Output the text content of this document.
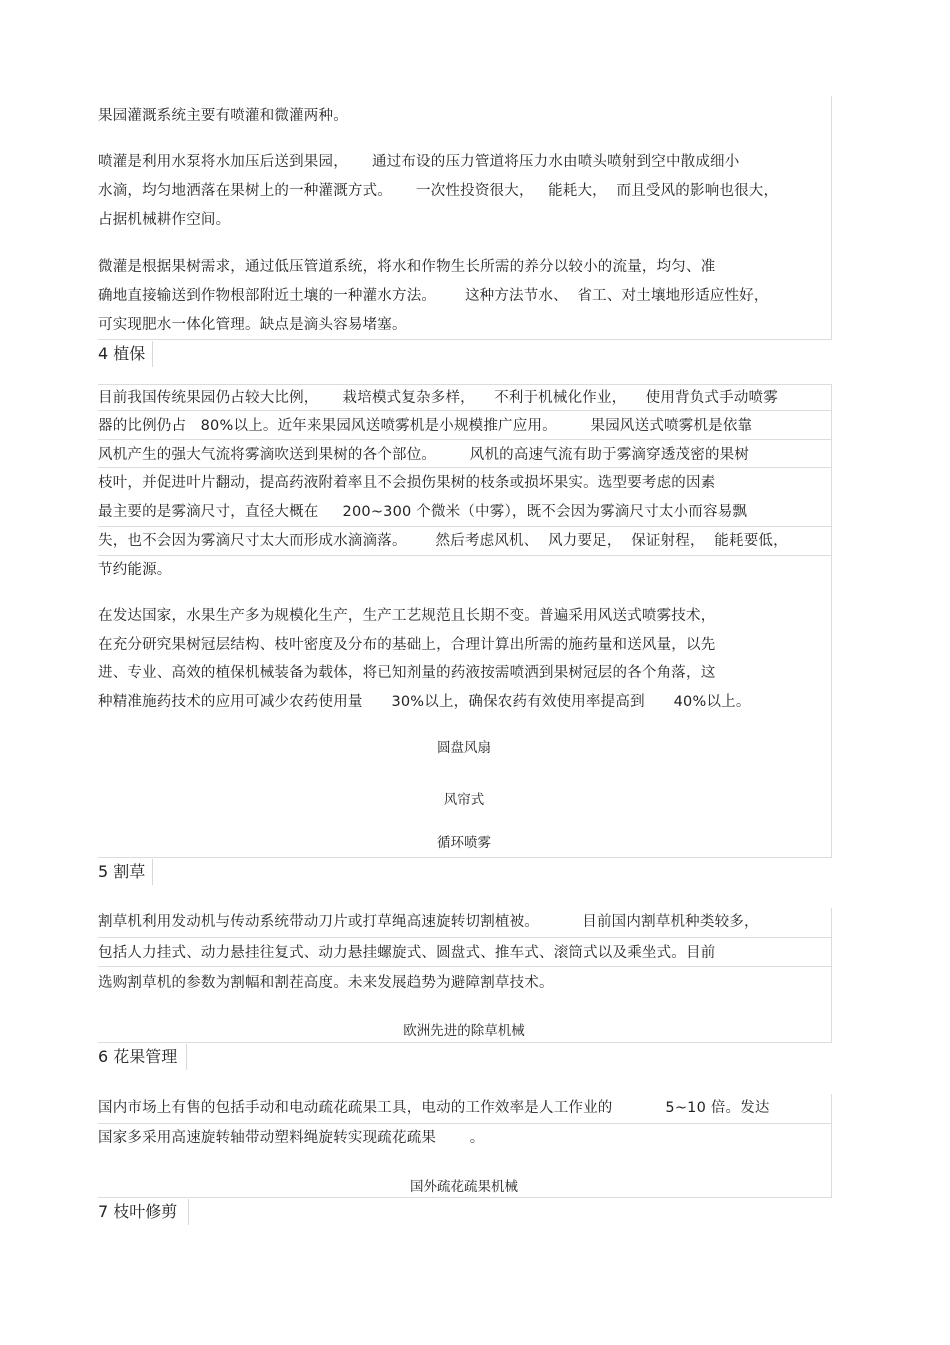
果园灌溉系统主要有喷灌和微灌两种。
喷灌是利用水泵将水加压后送到果园，     通过布设的压力管道将压力水由喷头喷射到空中散成细小
水滴，均匀地洒落在果树上的一种灌溉方式。     一次性投资很大，   能耗大，  而且受风的影响也很大，
占据机械耕作空间。
微灌是根据果树需求，通过低压管道系统，将水和作物生长所需的养分以较小的流量，均匀、准
确地直接输送到作物根部附近土壤的一种灌水方法。      这种方法节水、  省工、对土壤地形适应性好，
可实现肥水一体化管理。缺点是滴头容易堵塞。
4 植保
目前我国传统果园仍占较大比例，     栽培模式复杂多样，    不利于机械化作业，    使用背负式手动喷雾
器的比例仍占   80%以上。近年来果园风送喷雾机是小规模推广应用。       果园风送式喷雾机是依靠
风机产生的强大气流将雾滴吹送到果树的各个部位。       风机的高速气流有助于雾滴穿透茂密的果树
枝叶，并促进叶片翻动，提高药液附着率且不会损伤果树的枝条或损坏果实。选型要考虑的因素
最主要的是雾滴尺寸，直径大概在     200~300 个微米（中雾），既不会因为雾滴尺寸太小而容易飘
失，也不会因为雾滴尺寸太大而形成水滴滴落。      然后考虑风机、  风力要足，  保证射程，  能耗要低，
节约能源。
在发达国家，水果生产多为规模化生产，生产工艺规范且长期不变。普遍采用风送式喷雾技术，
在充分研究果树冠层结构、枝叶密度及分布的基础上，合理计算出所需的施药量和送风量，以先
进、专业、高效的植保机械装备为载体，将已知剂量的药液按需喷洒到果树冠层的各个角落，这
种精准施药技术的应用可减少农药使用量      30%以上，确保农药有效使用率提高到      40%以上。
圆盘风扇
风帘式
循环喷雾
5 割草
割草机利用发动机与传动系统带动刀片或打草绳高速旋转切割植被。         目前国内割草机种类较多，
包括人力挂式、动力悬挂往复式、动力悬挂螺旋式、圆盘式、推车式、滚筒式以及乘坐式。目前
选购割草机的参数为割幅和割茬高度。未来发展趋势为避障割草技术。
欧洲先进的除草机械
6 花果管理
国内市场上有售的包括手动和电动疏花疏果工具，电动的工作效率是人工作业的           5~10 倍。发达
国家多采用高速旋转轴带动塑料绳旋转实现疏花疏果       。
国外疏花疏果机械
7 枝叶修剪
